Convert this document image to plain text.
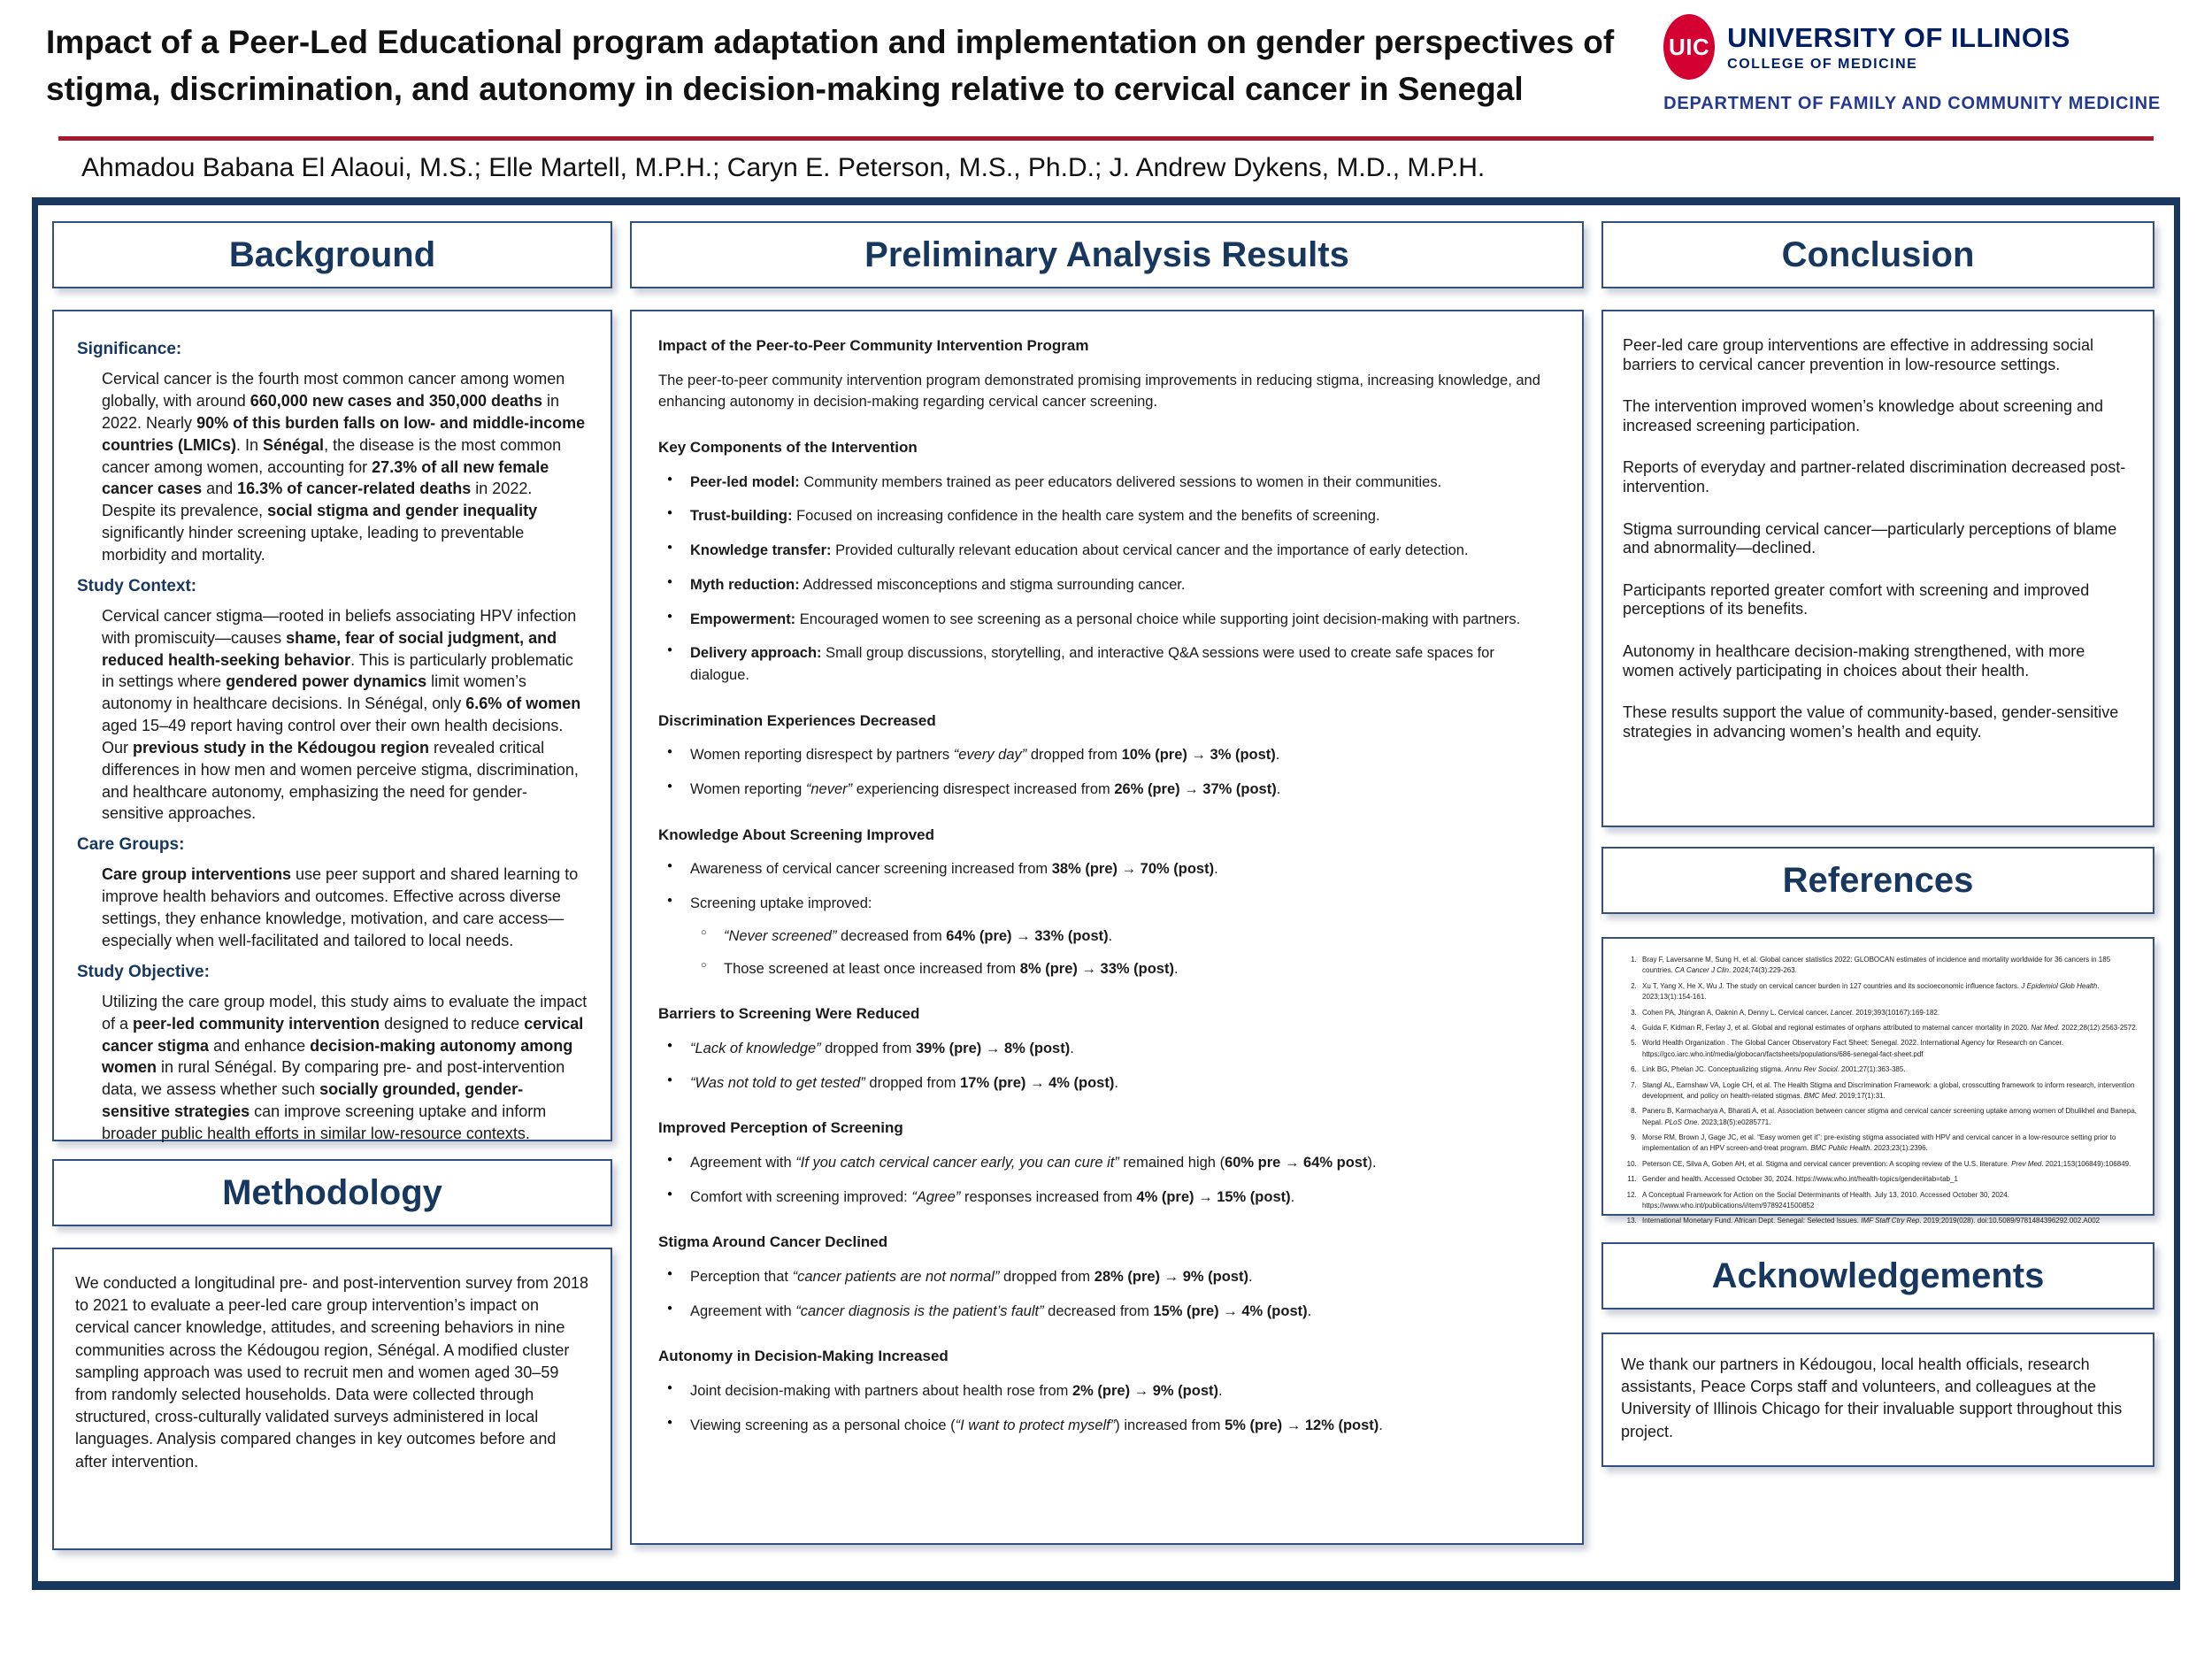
Impact of a Peer-Led Educational program adaptation and implementation on gender perspectives of
stigma, discrimination, and autonomy in decision-making relative to cervical cancer in Senegal
UIC UNIVERSITY OF ILLINOIS
COLLEGE OF MEDICINE
DEPARTMENT OF FAMILY AND COMMUNITY MEDICINE
Ahmadou Babana El Alaoui, M.S.; Elle Martell, M.P.H.; Caryn E. Peterson, M.S., Ph.D.; J. Andrew Dykens, M.D., M.P.H.
Background
Significance:
Cervical cancer is the fourth most common cancer among women globally, with around 660,000 new cases and 350,000 deaths in 2022. Nearly 90% of this burden falls on low- and middle-income countries (LMICs). In Sénégal, the disease is the most common cancer among women, accounting for 27.3% of all new female cancer cases and 16.3% of cancer-related deaths in 2022. Despite its prevalence, social stigma and gender inequality significantly hinder screening uptake, leading to preventable morbidity and mortality.
Study Context:
Cervical cancer stigma—rooted in beliefs associating HPV infection with promiscuity—causes shame, fear of social judgment, and reduced health-seeking behavior. This is particularly problematic in settings where gendered power dynamics limit women’s autonomy in healthcare decisions. In Sénégal, only 6.6% of women aged 15–49 report having control over their own health decisions. Our previous study in the Kédougou region revealed critical differences in how men and women perceive stigma, discrimination, and healthcare autonomy, emphasizing the need for gender-sensitive approaches.
Care Groups:
Care group interventions use peer support and shared learning to improve health behaviors and outcomes. Effective across diverse settings, they enhance knowledge, motivation, and care access—especially when well-facilitated and tailored to local needs.
Study Objective:
Utilizing the care group model, this study aims to evaluate the impact of a peer-led community intervention designed to reduce cervical cancer stigma and enhance decision-making autonomy among women in rural Sénégal. By comparing pre- and post-intervention data, we assess whether such socially grounded, gender-sensitive strategies can improve screening uptake and inform broader public health efforts in similar low-resource contexts.
Methodology
We conducted a longitudinal pre- and post-intervention survey from 2018 to 2021 to evaluate a peer-led care group intervention’s impact on cervical cancer knowledge, attitudes, and screening behaviors in nine communities across the Kédougou region, Sénégal. A modified cluster sampling approach was used to recruit men and women aged 30–59 from randomly selected households. Data were collected through structured, cross-culturally validated surveys administered in local languages. Analysis compared changes in key outcomes before and after intervention.
Preliminary Analysis Results
Impact of the Peer-to-Peer Community Intervention Program
The peer-to-peer community intervention program demonstrated promising improvements in reducing stigma, increasing knowledge, and enhancing autonomy in decision-making regarding cervical cancer screening.
Key Components of the Intervention
● Peer-led model: Community members trained as peer educators delivered sessions to women in their communities.
● Trust-building: Focused on increasing confidence in the health care system and the benefits of screening.
● Knowledge transfer: Provided culturally relevant education about cervical cancer and the importance of early detection.
● Myth reduction: Addressed misconceptions and stigma surrounding cancer.
● Empowerment: Encouraged women to see screening as a personal choice while supporting joint decision-making with partners.
● Delivery approach: Small group discussions, storytelling, and interactive Q&A sessions were used to create safe spaces for dialogue.
Discrimination Experiences Decreased
● Women reporting disrespect by partners “every day” dropped from 10% (pre) → 3% (post).
● Women reporting “never” experiencing disrespect increased from 26% (pre) → 37% (post).
Knowledge About Screening Improved
● Awareness of cervical cancer screening increased from 38% (pre) → 70% (post).
● Screening uptake improved:
○ “Never screened” decreased from 64% (pre) → 33% (post).
○ Those screened at least once increased from 8% (pre) → 33% (post).
Barriers to Screening Were Reduced
● “Lack of knowledge” dropped from 39% (pre) → 8% (post).
● “Was not told to get tested” dropped from 17% (pre) → 4% (post).
Improved Perception of Screening
● Agreement with “If you catch cervical cancer early, you can cure it” remained high (60% pre → 64% post).
● Comfort with screening improved: “Agree” responses increased from 4% (pre) → 15% (post).
Stigma Around Cancer Declined
● Perception that “cancer patients are not normal” dropped from 28% (pre) → 9% (post).
● Agreement with “cancer diagnosis is the patient’s fault” decreased from 15% (pre) → 4% (post).
Autonomy in Decision-Making Increased
● Joint decision-making with partners about health rose from 2% (pre) → 9% (post).
● Viewing screening as a personal choice (“I want to protect myself”) increased from 5% (pre) → 12% (post).
Conclusion

Peer-led care group interventions are effective in addressing social barriers to cervical cancer prevention in low-resource settings.

The intervention improved women’s knowledge about screening and increased screening participation.

Reports of everyday and partner-related discrimination decreased post-intervention.

Stigma surrounding cervical cancer—particularly perceptions of blame and abnormality—declined.

Participants reported greater comfort with screening and improved perceptions of its benefits.

Autonomy in healthcare decision-making strengthened, with more women actively participating in choices about their health.

These results support the value of community-based, gender-sensitive strategies in advancing women’s health and equity.

References
1. Bray F, Laversanne M, Sung H, et al. Global cancer statistics 2022: GLOBOCAN estimates of incidence and mortality worldwide for 36 cancers in 185 countries. CA Cancer J Clin. 2024;74(3):229-263.
2. Xu T, Yang X, He X, Wu J. The study on cervical cancer burden in 127 countries and its socioeconomic influence factors. J Epidemiol Glob Health. 2023;13(1):154-161.
3. Cohen PA, Jhingran A, Oaknin A, Denny L. Cervical cancer. Lancet. 2019;393(10167):169-182.
4. Guida F, Kidman R, Ferlay J, et al. Global and regional estimates of orphans attributed to maternal cancer mortality in 2020. Nat Med. 2022;28(12):2563-2572.
5. World Health Organization . The Global Cancer Observatory Fact Sheet: Senegal. 2022. International Agency for Research on Cancer. https://gco.iarc.who.int/media/globocan/factsheets/populations/686-senegal-fact-sheet.pdf
6. Link BG, Phelan JC. Conceptualizing stigma. Annu Rev Sociol. 2001;27(1):363-385.
7. Stangl AL, Earnshaw VA, Logie CH, et al. The Health Stigma and Discrimination Framework: a global, crosscutting framework to inform research, intervention development, and policy on health-related stigmas. BMC Med. 2019;17(1):31.
8. Paneru B, Karmacharya A, Bharati A, et al. Association between cancer stigma and cervical cancer screening uptake among women of Dhulikhel and Banepa, Nepal. PLoS One. 2023;18(5):e0285771.
9. Morse RM, Brown J, Gage JC, et al. “Easy women get it”: pre-existing stigma associated with HPV and cervical cancer in a low-resource setting prior to implementation of an HPV screen-and-treat program. BMC Public Health. 2023;23(1):2396.
10. Peterson CE, Silva A, Goben AH, et al. Stigma and cervical cancer prevention: A scoping review of the U.S. literature. Prev Med. 2021;153(106849):106849.
11. Gender and health. Accessed October 30, 2024. https://www.who.int/health-topics/gender#tab=tab_1
12. A Conceptual Framework for Action on the Social Determinants of Health. July 13, 2010. Accessed October 30, 2024. https://www.who.int/publications/i/item/9789241500852
13. International Monetary Fund. African Dept. Senegal: Selected Issues. IMF Staff Ctry Rep. 2019;2019(028). doi:10.5089/9781484396292.002.A002
Acknowledgements
We thank our partners in Kédougou, local health officials, research assistants, Peace Corps staff and volunteers, and colleagues at the University of Illinois Chicago for their invaluable support throughout this project.
